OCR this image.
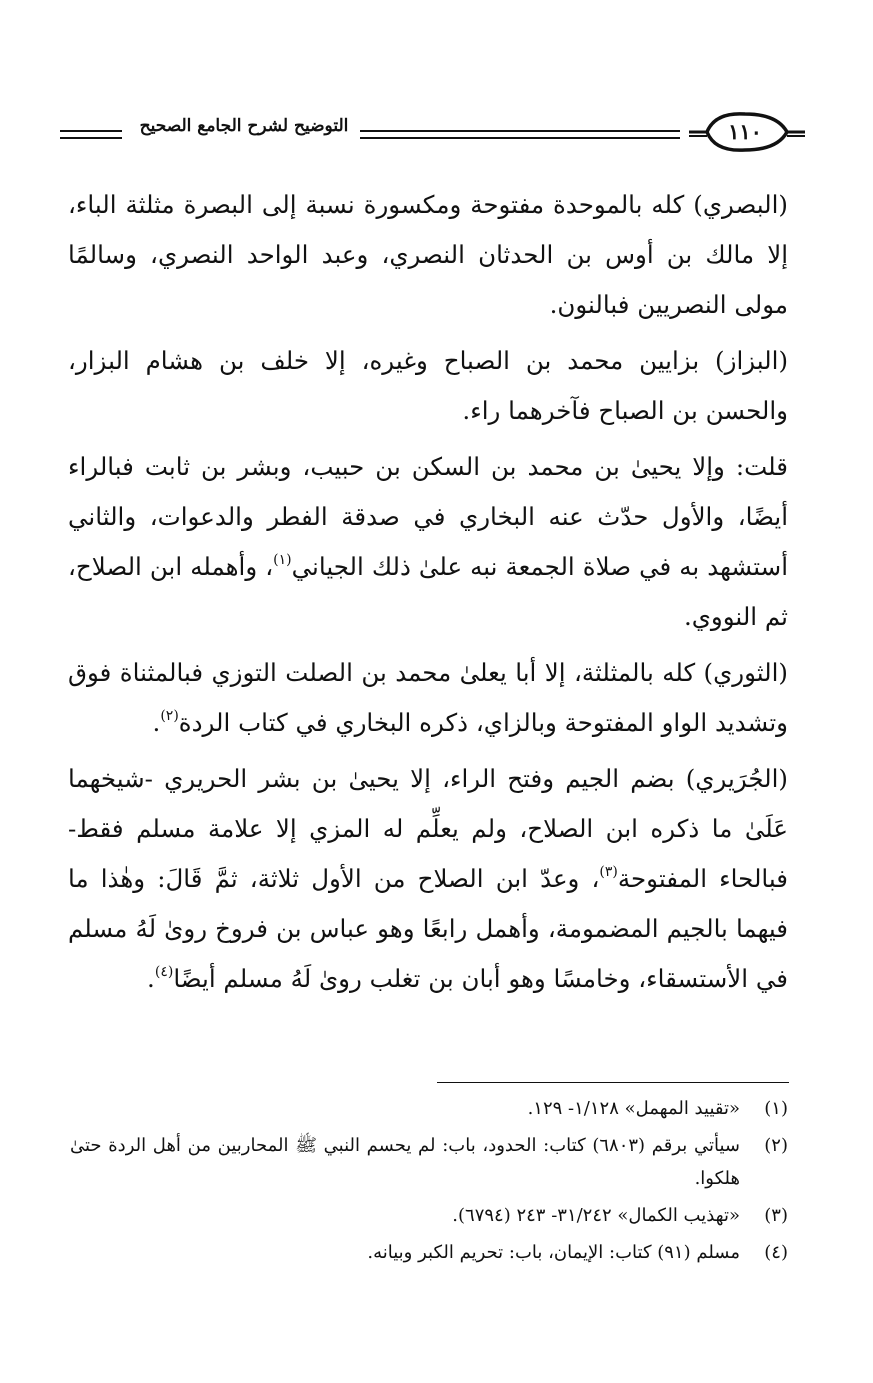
١١٠
التوضيح لشرح الجامع الصحيح

(البصري) كله بالموحدة مفتوحة ومكسورة نسبة إلى البصرة مثلثة الباء، إلا مالك بن أوس بن الحدثان النصري، وعبد الواحد النصري، وسالمًا مولى النصريين فبالنون.

(البزاز) بزايين محمد بن الصباح وغيره، إلا خلف بن هشام البزار، والحسن بن الصباح فآخرهما راء.

قلت: وإلا يحيىٰ بن محمد بن السكن بن حبيب، وبشر بن ثابت فبالراء أيضًا، والأول حدّث عنه البخاري في صدقة الفطر والدعوات، والثاني أستشهد به في صلاة الجمعة نبه علىٰ ذلك الجياني$^{(١)}$، وأهمله ابن الصلاح، ثم النووي.

(الثوري) كله بالمثلثة، إلا أبا يعلىٰ محمد بن الصلت التوزي فبالمثناة فوق وتشديد الواو المفتوحة وبالزاي، ذكره البخاري في كتاب الردة$^{(٢)}$.

(الجُرَيري) بضم الجيم وفتح الراء، إلا يحيىٰ بن بشر الحريري -شيخهما عَلَىٰ ما ذكره ابن الصلاح، ولم يعلِّم له المزي إلا علامة مسلم فقط- فبالحاء المفتوحة$^{(٣)}$، وعدّ ابن الصلاح من الأول ثلاثة، ثمَّ قَالَ: وهٰذا ما فيهما بالجيم المضمومة، وأهمل رابعًا وهو عباس بن فروخ روىٰ لَهُ مسلم في الأستسقاء، وخامسًا وهو أبان بن تغلب روىٰ لَهُ مسلم أيضًا$^{(٤)}$.

(١)
«تقييد المهمل» ١/١٢٨- ١٢٩.
(٢)
سيأتي برقم (٦٨٠٣) كتاب: الحدود، باب: لم يحسم النبي ﷺ المحاربين من أهل الردة حتىٰ هلكوا.
(٣)
«تهذيب الكمال» ٣١/٢٤٢- ٢٤٣ (٦٧٩٤).
(٤)
مسلم (٩١) كتاب: الإيمان، باب: تحريم الكبر وبيانه.
